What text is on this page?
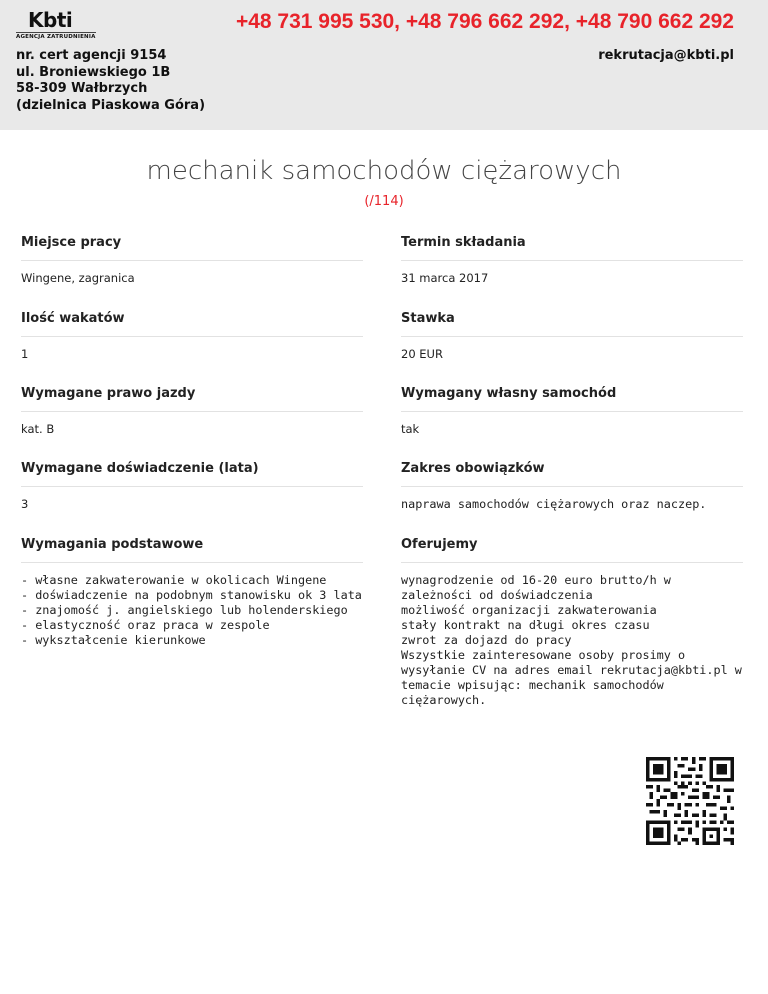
Kbti
AGENCJA ZATRUDNIENIA
+48 731 995 530, +48 796 662 292, +48 790 662 292
nr. cert agencji 9154
ul. Broniewskiego 1B
58-309 Wałbrzych
(dzielnica Piaskowa Góra)
rekrutacja@kbti.pl
mechanik samochodów ciężarowych
(/114)
Miejsce pracy
Wingene, zagranica
Termin składania
31 marca 2017
Ilość wakatów
1
Stawka
20 EUR
Wymagane prawo jazdy
kat. B
Wymagany własny samochód
tak
Wymagane doświadczenie (lata)
3
Zakres obowiązków
naprawa samochodów ciężarowych oraz naczep.
Wymagania podstawowe
- własne zakwaterowanie w okolicach Wingene
- doświadczenie na podobnym stanowisku ok 3 lata
- znajomość j. angielskiego lub holenderskiego
- elastyczność oraz praca w zespole
- wykształcenie kierunkowe
Oferujemy
wynagrodzenie od 16-20 euro brutto/h w zależności od doświadczenia
możliwość organizacji zakwaterowania
stały kontrakt na długi okres czasu
zwrot za dojazd do pracy
Wszystkie zainteresowane osoby prosimy o wysyłanie CV na adres email rekrutacja@kbti.pl w temacie wpisując: mechanik samochodów ciężarowych.
